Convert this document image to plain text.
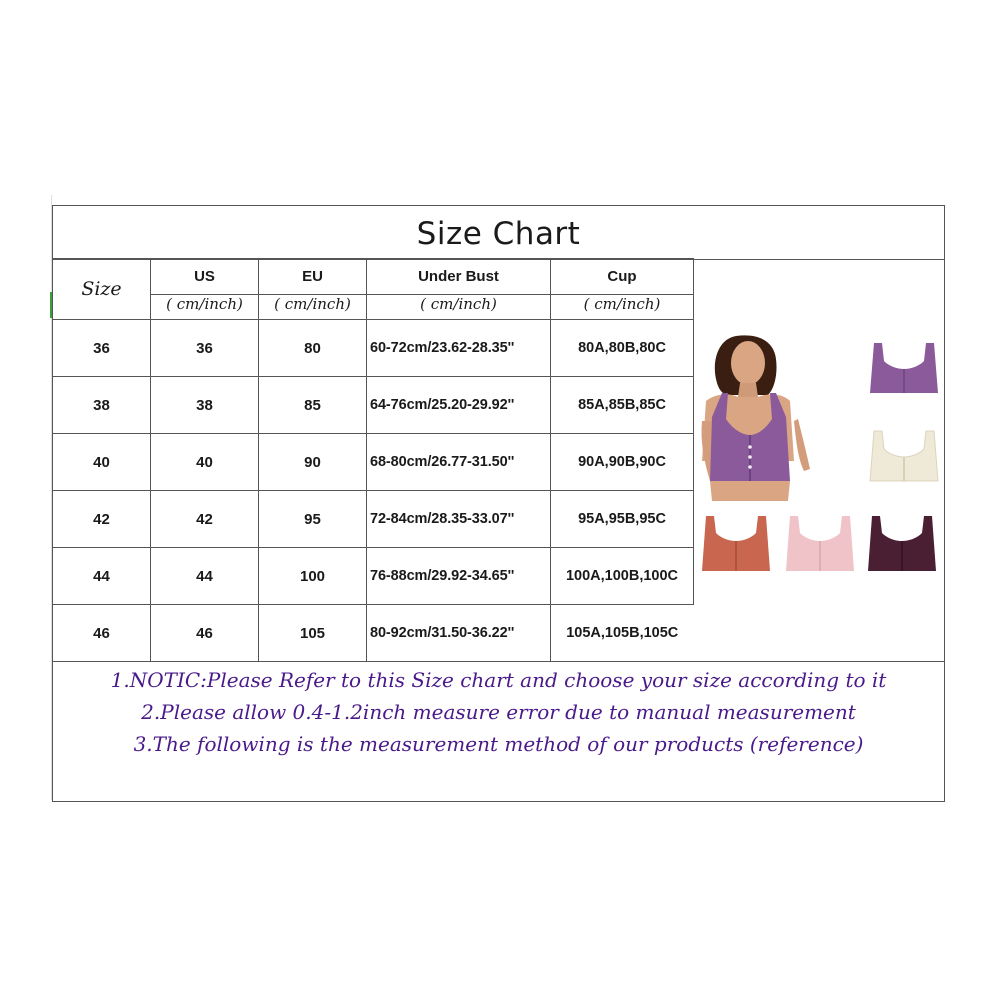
Size Chart
Size	US	EU	Under Bust	Cup
	( cm/inch)	( cm/inch)	( cm/inch)	( cm/inch)
36	36	80	60-72cm/23.62-28.35''	80A,80B,80C
38	38	85	64-76cm/25.20-29.92''	85A,85B,85C
40	40	90	68-80cm/26.77-31.50''	90A,90B,90C
42	42	95	72-84cm/28.35-33.07''	95A,95B,95C
44	44	100	76-88cm/29.92-34.65''	100A,100B,100C
46	46	105	80-92cm/31.50-36.22''	105A,105B,105C
1.NOTIC:Please Refer to this Size chart and choose your size according to it
2.Please allow 0.4-1.2inch measure error due to manual measurement
3.The following is the measurement method of our products (reference)
